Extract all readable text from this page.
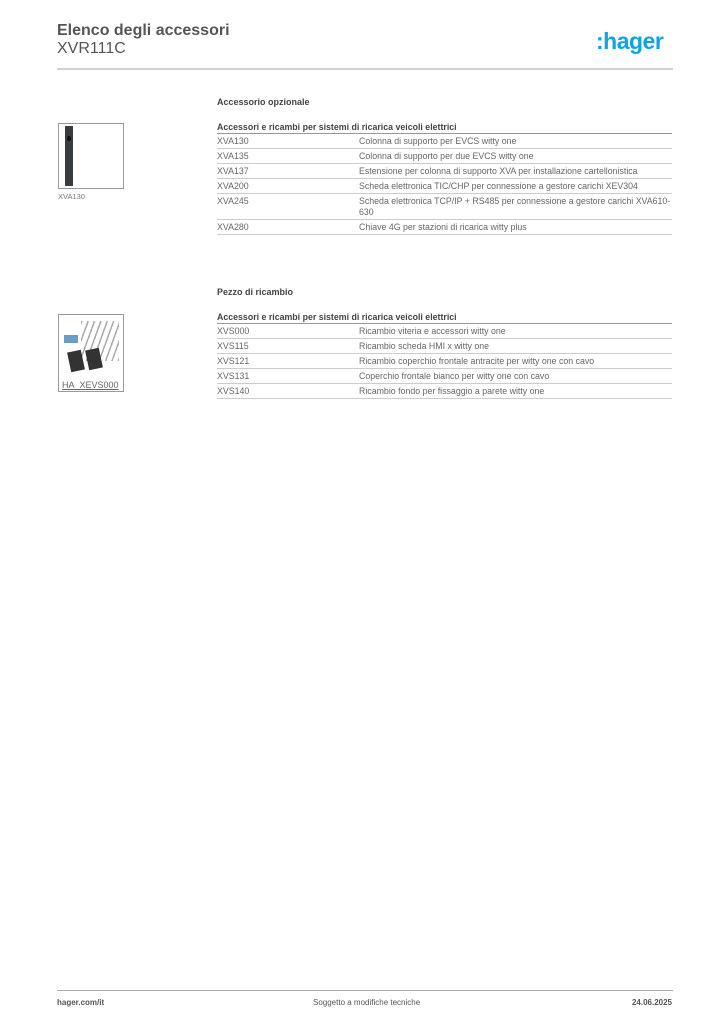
Elenco degli accessori
XVR111C	:hager
Accessorio opzionale
XVA130
Accessori e ricambi per sistemi di ricarica veicoli elettrici	
XVA130	Colonna di supporto per EVCS witty one
XVA135	Colonna di supporto per due EVCS witty one
XVA137	Estensione per colonna di supporto XVA per installazione cartellonistica
XVA200	Scheda elettronica TIC/CHP per connessione a gestore carichi XEV304
XVA245	Scheda elettronica TCP/IP + RS485 per connessione a gestore carichi XVA610-630
XVA280	Chiave 4G per stazioni di ricarica witty plus
Pezzo di ricambio
HA_XEVS000
Accessori e ricambi per sistemi di ricarica veicoli elettrici	
XVS000	Ricambio viteria e accessori witty one
XVS115	Ricambio scheda HMI x witty one
XVS121	Ricambio coperchio frontale antracite per witty one con cavo
XVS131	Coperchio frontale bianco per witty one con cavo
XVS140	Ricambio fondo per fissaggio a parete witty one
hager.com/it	Soggetto a modifiche tecniche	24.06.2025
